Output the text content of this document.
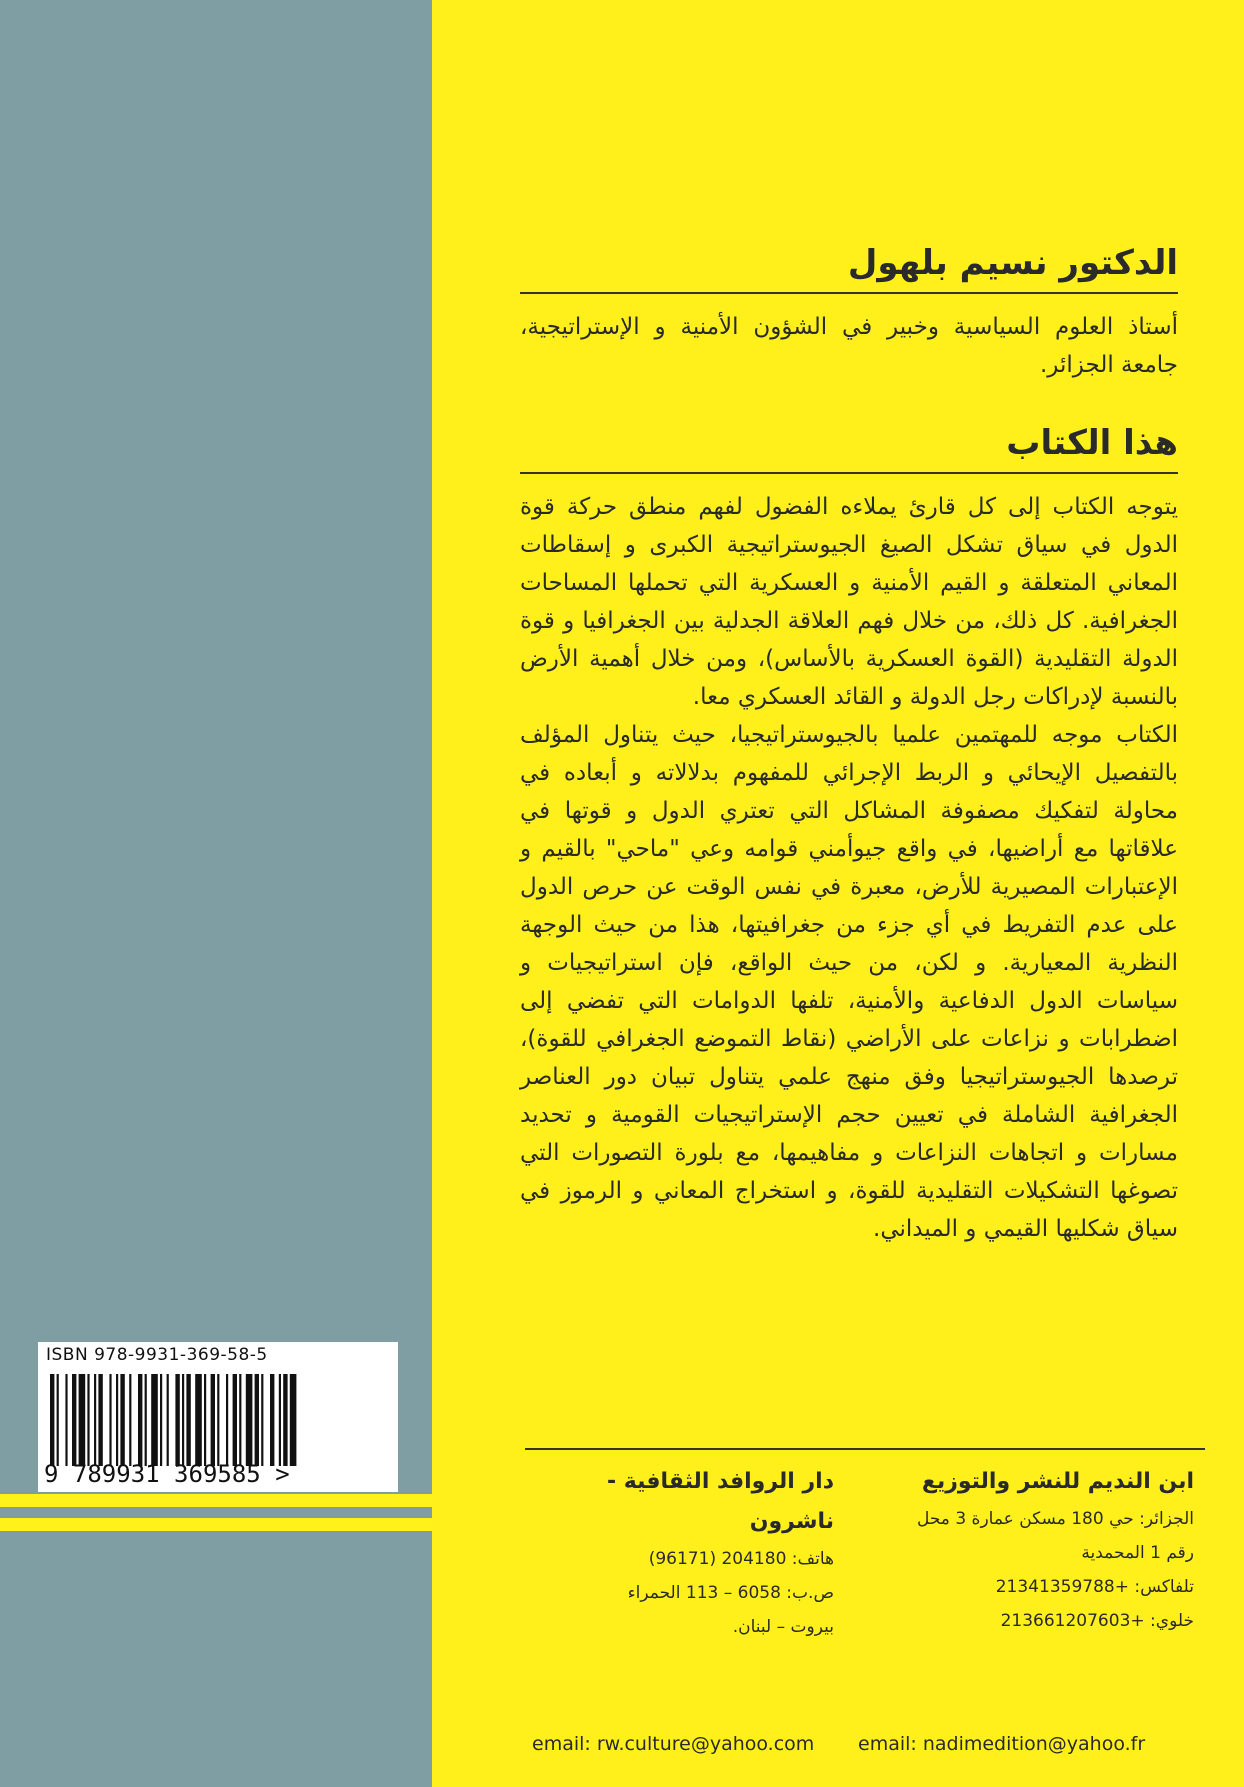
الدكتور نسيم بلهول

أستاذ العلوم السياسية وخبير في الشؤون الأمنية و الإستراتيجية، جامعة الجزائر.

هذا الكتاب

يتوجه الكتاب إلى كل قارئ يملاءه الفضول لفهم منطق حركة قوة الدول في سياق تشكل الصيغ الجيوستراتيجية الكبرى و إسقاطات المعاني المتعلقة و القيم الأمنية و العسكرية التي تحملها المساحات الجغرافية. كل ذلك، من خلال فهم العلاقة الجدلية بين الجغرافيا و قوة الدولة التقليدية (القوة العسكرية بالأساس)، ومن خلال أهمية الأرض بالنسبة لإدراكات رجل الدولة و القائد العسكري معا.

الكتاب موجه للمهتمين علميا بالجيوستراتيجيا، حيث يتناول المؤلف بالتفصيل الإيحائي و الربط الإجرائي للمفهوم بدلالاته و أبعاده في محاولة لتفكيك مصفوفة المشاكل التي تعتري الدول و قوتها في علاقاتها مع أراضيها، في واقع جيوأمني قوامه وعي "ماحي" بالقيم و الإعتبارات المصيرية للأرض، معبرة في نفس الوقت عن حرص الدول على عدم التفريط في أي جزء من جغرافيتها، هذا من حيث الوجهة النظرية المعيارية. و لكن، من حيث الواقع، فإن استراتيجيات و سياسات الدول الدفاعية والأمنية، تلفها الدوامات التي تفضي إلى اضطرابات و نزاعات على الأراضي (نقاط التموضع الجغرافي للقوة)، ترصدها الجيوستراتيجيا وفق منهج علمي يتناول تبيان دور العناصر الجغرافية الشاملة في تعيين حجم الإستراتيجيات القومية و تحديد مسارات و اتجاهات النزاعات و مفاهيمها، مع بلورة التصورات التي تصوغها التشكيلات التقليدية للقوة، و استخراج المعاني و الرموز في سياق شكليها القيمي و الميداني.

ابن النديم للنشر والتوزيع
الجزائر: حي 180 مسكن عمارة 3 محل
رقم 1 المحمدية
تلفاكس: +21341359788
خلوي: +213661207603
دار الروافد الثقافية - ناشرون
هاتف: 204180 (96171)
ص.ب: 6058 – 113 الحمراء
بيروت – لبنان.
email: rw.culture@yahoo.com email: nadimedition@yahoo.fr
ISBN 978-9931-369-58-5
9 789931 369585 >
